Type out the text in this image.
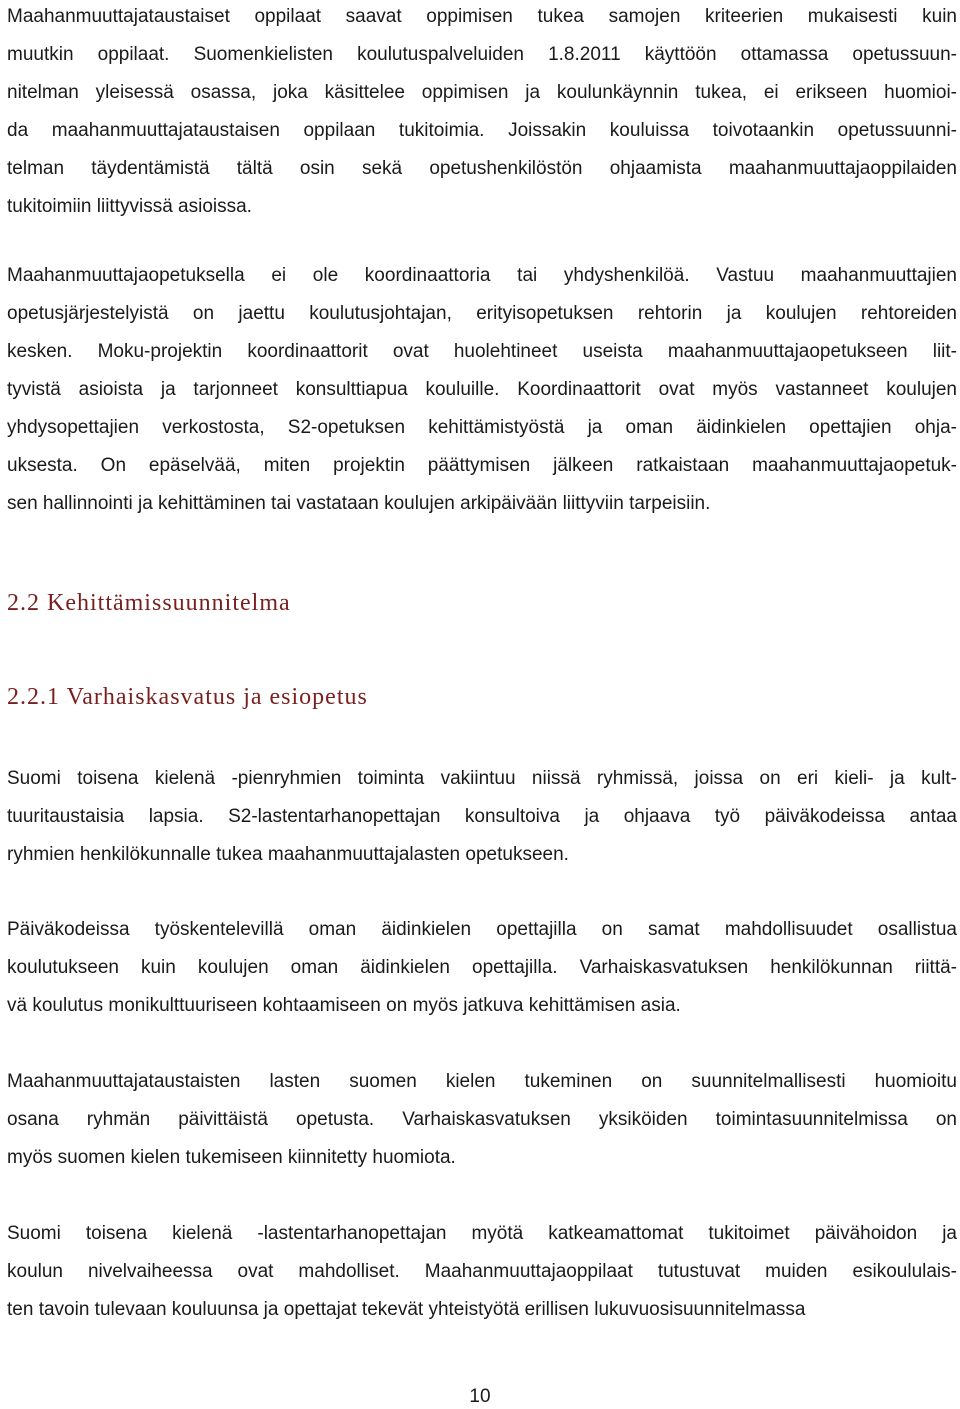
Maahanmuuttajataustaiset oppilaat saavat oppimisen tukea samojen kriteerien mukaisesti kuin
muutkin oppilaat. Suomenkielisten koulutuspalveluiden 1.8.2011 käyttöön ottamassa opetussuun-
nitelman yleisessä osassa, joka käsittelee oppimisen ja koulunkäynnin tukea, ei erikseen huomioi-
da maahanmuuttajataustaisen oppilaan tukitoimia. Joissakin kouluissa toivotaankin opetussuunni-
telman täydentämistä tältä osin sekä opetushenkilöstön ohjaamista maahanmuuttajaoppilaiden
tukitoimiin liittyvissä asioissa.
Maahanmuuttajaopetuksella ei ole koordinaattoria tai yhdyshenkilöä. Vastuu maahanmuuttajien
opetusjärjestelyistä on jaettu koulutusjohtajan, erityisopetuksen rehtorin ja koulujen rehtoreiden
kesken. Moku-projektin koordinaattorit ovat huolehtineet useista maahanmuuttajaopetukseen liit-
tyvistä asioista ja tarjonneet konsulttiapua kouluille. Koordinaattorit ovat myös vastanneet koulujen
yhdysopettajien verkostosta, S2-opetuksen kehittämistyöstä ja oman äidinkielen opettajien ohja-
uksesta. On epäselvää, miten projektin päättymisen jälkeen ratkaistaan maahanmuuttajaopetuk-
sen hallinnointi ja kehittäminen tai vastataan koulujen arkipäivään liittyviin tarpeisiin.
2.2 Kehittämissuunnitelma
2.2.1 Varhaiskasvatus ja esiopetus
Suomi toisena kielenä -pienryhmien toiminta vakiintuu niissä ryhmissä, joissa on eri kieli- ja kult-
tuuritaustaisia lapsia. S2-lastentarhanopettajan konsultoiva ja ohjaava työ päiväkodeissa antaa
ryhmien henkilökunnalle tukea maahanmuuttajalasten opetukseen.
Päiväkodeissa työskentelevillä oman äidinkielen opettajilla on samat mahdollisuudet osallistua
koulutukseen kuin koulujen oman äidinkielen opettajilla. Varhaiskasvatuksen henkilökunnan riittä-
vä koulutus monikulttuuriseen kohtaamiseen on myös jatkuva kehittämisen asia.
Maahanmuuttajataustaisten lasten suomen kielen tukeminen on suunnitelmallisesti huomioitu
osana ryhmän päivittäistä opetusta. Varhaiskasvatuksen yksiköiden toimintasuunnitelmissa on
myös suomen kielen tukemiseen kiinnitetty huomiota.
Suomi toisena kielenä -lastentarhanopettajan myötä katkeamattomat tukitoimet päivähoidon ja
koulun nivelvaiheessa ovat mahdolliset. Maahanmuuttajaoppilaat tutustuvat muiden esikoululais-
ten tavoin tulevaan kouluunsa ja opettajat tekevät yhteistyötä erillisen lukuvuosisuunnitelmassa
10
